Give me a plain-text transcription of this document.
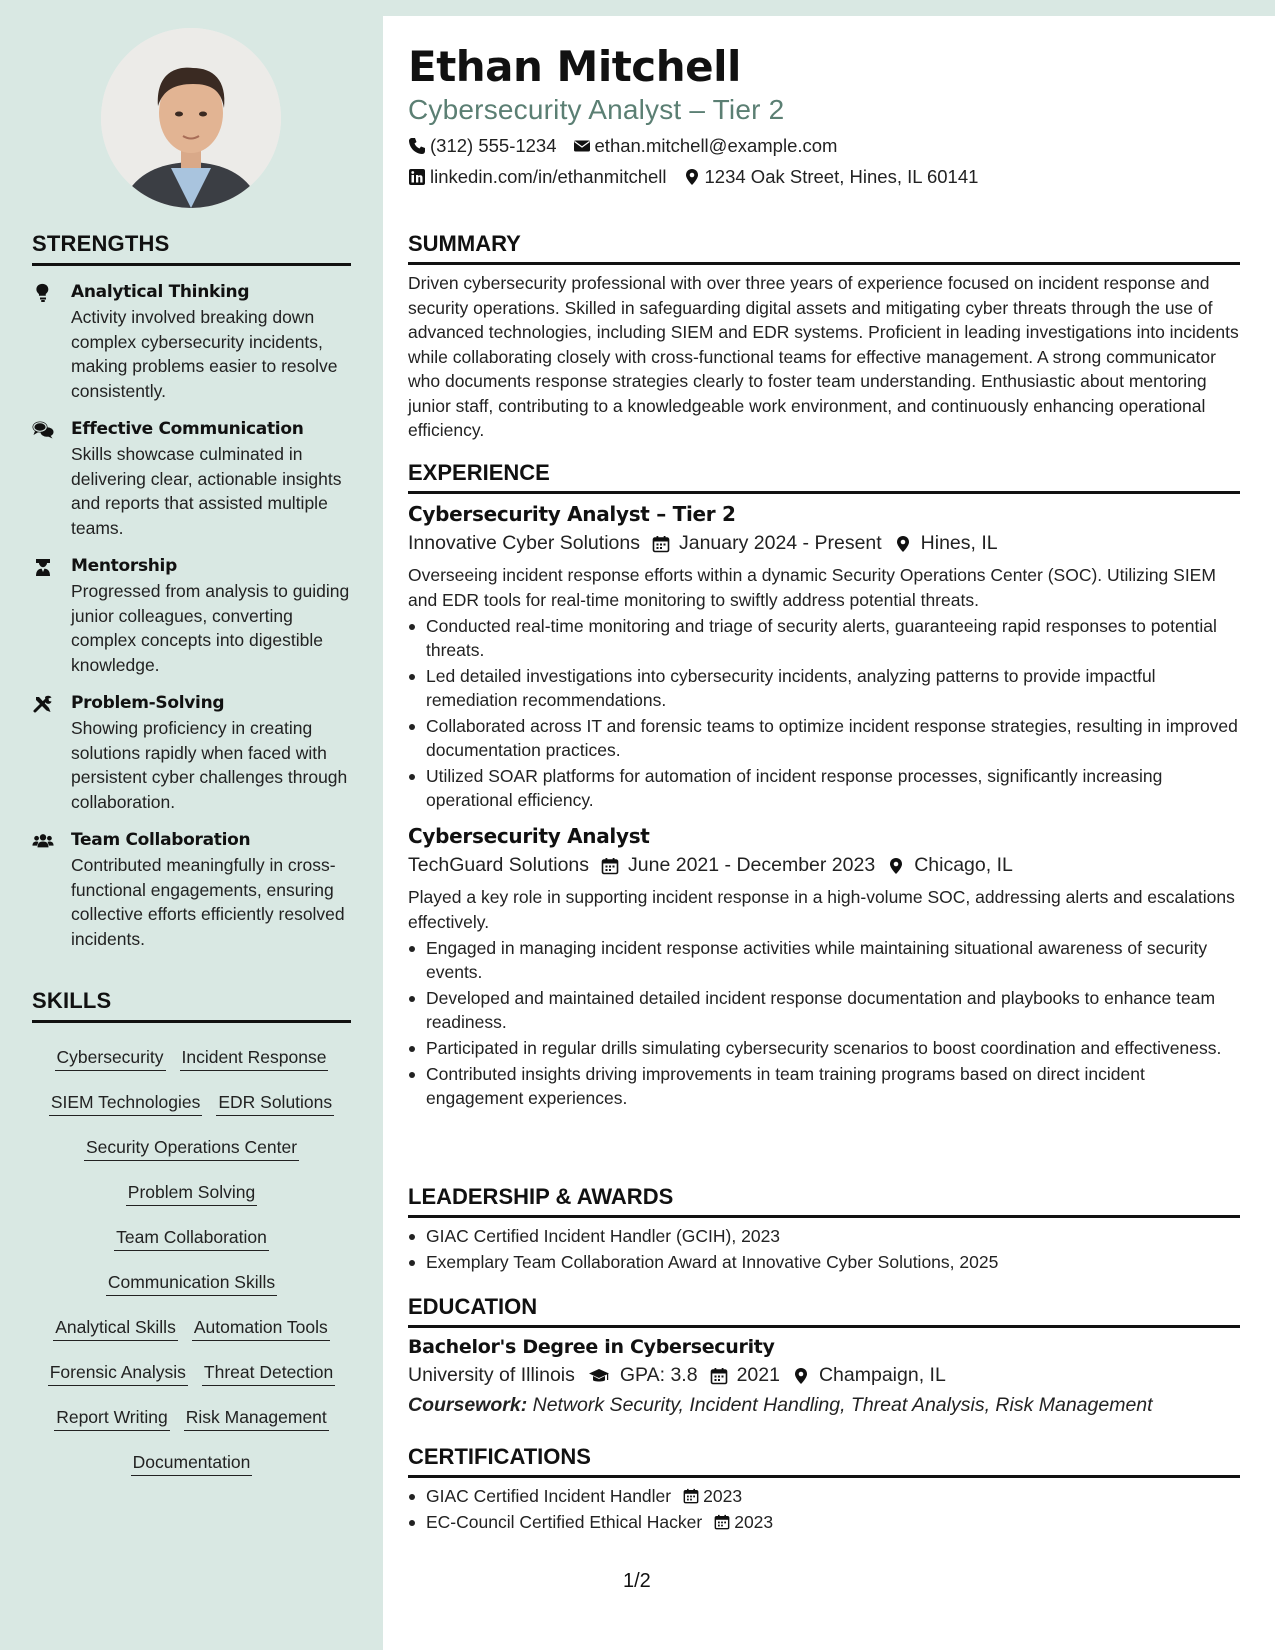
STRENGTHS
Analytical Thinking
Activity involved breaking down complex cybersecurity incidents, making problems easier to resolve consistently.
Effective Communication
Skills showcase culminated in delivering clear, actionable insights and reports that assisted multiple teams.
Mentorship
Progressed from analysis to guiding junior colleagues, converting complex concepts into digestible knowledge.
Problem-Solving
Showing proficiency in creating solutions rapidly when faced with persistent cyber challenges through collaboration.
Team Collaboration
Contributed meaningfully in cross-functional engagements, ensuring collective efforts efficiently resolved incidents.
SKILLS
Cybersecurity Incident Response
SIEM Technologies EDR Solutions
Security Operations Center
Problem Solving
Team Collaboration
Communication Skills
Analytical Skills Automation Tools
Forensic Analysis Threat Detection
Report Writing Risk Management
Documentation
Ethan Mitchell
Cybersecurity Analyst – Tier 2
(312) 555-1234 ethan.mitchell@example.com
linkedin.com/in/ethanmitchell 1234 Oak Street, Hines, IL 60141
SUMMARY
Driven cybersecurity professional with over three years of experience focused on incident response and security operations. Skilled in safeguarding digital assets and mitigating cyber threats through the use of advanced technologies, including SIEM and EDR systems. Proficient in leading investigations into incidents while collaborating closely with cross-functional teams for effective management. A strong communicator who documents response strategies clearly to foster team understanding. Enthusiastic about mentoring junior staff, contributing to a knowledgeable work environment, and continuously enhancing operational efficiency.
EXPERIENCE
Cybersecurity Analyst – Tier 2
Innovative Cyber Solutions January 2024 - Present Hines, IL
Overseeing incident response efforts within a dynamic Security Operations Center (SOC). Utilizing SIEM and EDR tools for real-time monitoring to swiftly address potential threats.
Conducted real-time monitoring and triage of security alerts, guaranteeing rapid responses to potential threats.
Led detailed investigations into cybersecurity incidents, analyzing patterns to provide impactful remediation recommendations.
Collaborated across IT and forensic teams to optimize incident response strategies, resulting in improved documentation practices.
Utilized SOAR platforms for automation of incident response processes, significantly increasing operational efficiency.
Cybersecurity Analyst
TechGuard Solutions June 2021 - December 2023 Chicago, IL
Played a key role in supporting incident response in a high-volume SOC, addressing alerts and escalations effectively.
Engaged in managing incident response activities while maintaining situational awareness of security events.
Developed and maintained detailed incident response documentation and playbooks to enhance team readiness.
Participated in regular drills simulating cybersecurity scenarios to boost coordination and effectiveness.
Contributed insights driving improvements in team training programs based on direct incident engagement experiences.
LEADERSHIP & AWARDS
GIAC Certified Incident Handler (GCIH), 2023
Exemplary Team Collaboration Award at Innovative Cyber Solutions, 2025
EDUCATION
Bachelor's Degree in Cybersecurity
University of Illinois GPA: 3.8 2021 Champaign, IL
Coursework: Network Security, Incident Handling, Threat Analysis, Risk Management
CERTIFICATIONS
GIAC Certified Incident Handler 2023
EC-Council Certified Ethical Hacker 2023
1/2
